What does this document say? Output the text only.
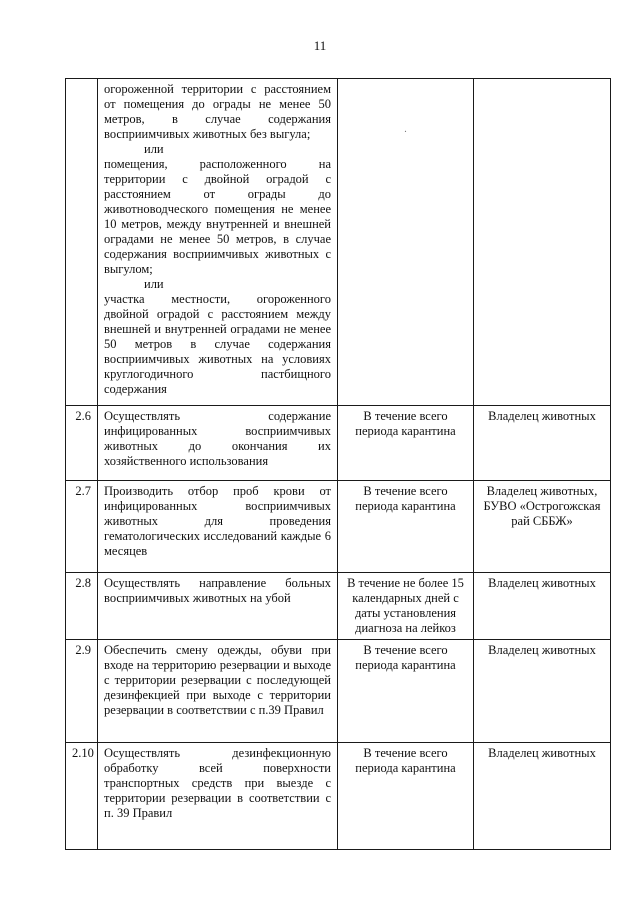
11

	огороженной территории с расстоянием от помещения до ограды не менее 50 метров, в случае содержания восприимчивых животных без выгула;
или
помещения, расположенного на территории с двойной оградой с расстоянием от ограды до животноводческого помещения не менее 10 метров, между внутренней и внешней оградами не менее 50 метров, в случае содержания восприимчивых животных с выгулом;
или
участка местности, огороженного двойной оградой с расстоянием между внешней и внутренней оградами не менее 50 метров в случае содержания восприимчивых животных на условиях круглогодичного пастбищного содержания	.	

2.6	Осуществлять содержание инфицированных восприимчивых животных до окончания их хозяйственного использования	В течение всего периода карантина	Владелец животных
2.7	Производить отбор проб крови от инфицированных восприимчивых животных для проведения гематологических исследований каждые 6 месяцев	В течение всего периода карантина	Владелец животных, БУВО «Острогожская рай СББЖ»
2.8	Осуществлять направление больных восприимчивых животных на убой	В течение не более 15 календарных дней с даты установления диагноза на лейкоз	Владелец животных
2.9	Обеспечить смену одежды, обуви при входе на территорию резервации и выходе с территории резервации с последующей дезинфекцией при выходе с территории резервации в соответствии с п.39 Правил	В течение всего периода карантина	Владелец животных
2.10	Осуществлять дезинфекционную обработку всей поверхности транспортных средств при выезде с территории резервации в соответствии с п. 39 Правил	В течение всего периода карантина	Владелец животных
